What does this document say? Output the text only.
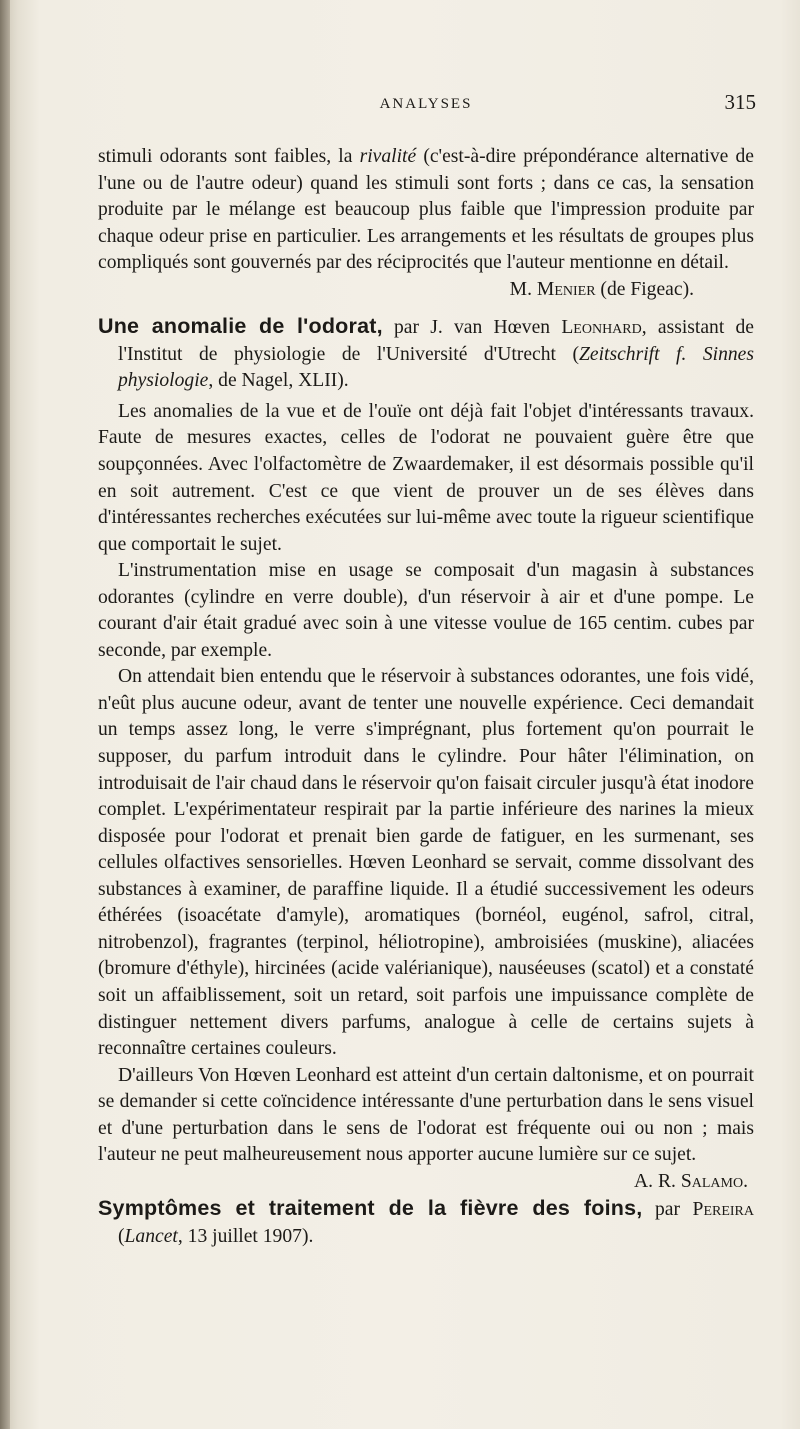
ANALYSES	315

stimuli odorants sont faibles, la rivalité (c'est-à-dire prépondérance alternative de l'une ou de l'autre odeur) quand les stimuli sont forts ; dans ce cas, la sensation produite par le mélange est beaucoup plus faible que l'impression produite par chaque odeur prise en particulier. Les arrangements et les résultats de groupes plus compliqués sont gouvernés par des réciprocités que l'auteur mentionne en détail.

M. Menier (de Figeac).

Une anomalie de l'odorat, par J. van Hœven Leonhard, assistant de l'Institut de physiologie de l'Université d'Utrecht (Zeitschrift f. Sinnes physiologie, de Nagel, XLII).

Les anomalies de la vue et de l'ouïe ont déjà fait l'objet d'intéressants travaux. Faute de mesures exactes, celles de l'odorat ne pouvaient guère être que soupçonnées. Avec l'olfactomètre de Zwaardemaker, il est désormais possible qu'il en soit autrement. C'est ce que vient de prouver un de ses élèves dans d'intéressantes recherches exécutées sur lui-même avec toute la rigueur scientifique que comportait le sujet.

L'instrumentation mise en usage se composait d'un magasin à substances odorantes (cylindre en verre double), d'un réservoir à air et d'une pompe. Le courant d'air était gradué avec soin à une vitesse voulue de 165 centim. cubes par seconde, par exemple.

On attendait bien entendu que le réservoir à substances odorantes, une fois vidé, n'eût plus aucune odeur, avant de tenter une nouvelle expérience. Ceci demandait un temps assez long, le verre s'imprégnant, plus fortement qu'on pourrait le supposer, du parfum introduit dans le cylindre. Pour hâter l'élimination, on introduisait de l'air chaud dans le réservoir qu'on faisait circuler jusqu'à état inodore complet. L'expérimentateur respirait par la partie inférieure des narines la mieux disposée pour l'odorat et prenait bien garde de fatiguer, en les surmenant, ses cellules olfactives sensorielles. Hœven Leonhard se servait, comme dissolvant des substances à examiner, de paraffine liquide. Il a étudié successivement les odeurs éthérées (isoacétate d'amyle), aromatiques (bornéol, eugénol, safrol, citral, nitrobenzol), fragrantes (terpinol, héliotropine), ambroisiées (muskine), aliacées (bromure d'éthyle), hircinées (acide valérianique), nauséeuses (scatol) et a constaté soit un affaiblissement, soit un retard, soit parfois une impuissance complète de distinguer nettement divers parfums, analogue à celle de certains sujets à reconnaître certaines couleurs.

D'ailleurs Von Hœven Leonhard est atteint d'un certain daltonisme, et on pourrait se demander si cette coïncidence intéressante d'une perturbation dans le sens visuel et d'une perturbation dans le sens de l'odorat est fréquente oui ou non ; mais l'auteur ne peut malheureusement nous apporter aucune lumière sur ce sujet.

A. R. Salamo.

Symptômes et traitement de la fièvre des foins, par Pereira (Lancet, 13 juillet 1907).
